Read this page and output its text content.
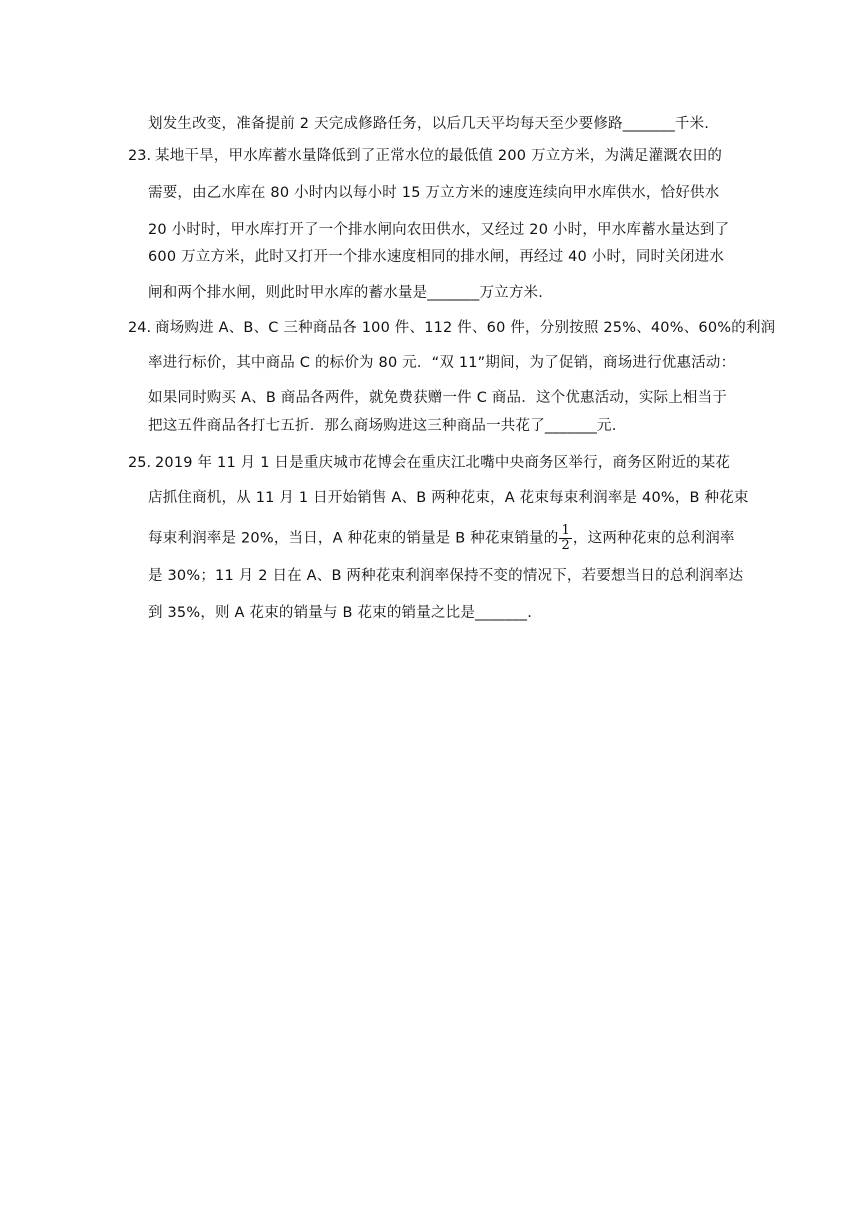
划发生改变，准备提前 2 天完成修路任务，以后几天平均每天至少要修路_______千米.
23. 某地干旱，甲水库蓄水量降低到了正常水位的最低值 200 万立方米，为满足灌溉农田的
需要，由乙水库在 80 小时内以每小时 15 万立方米的速度连续向甲水库供水，恰好供水
20 小时时，甲水库打开了一个排水闸向农田供水，又经过 20 小时，甲水库蓄水量达到了
600 万立方米，此时又打开一个排水速度相同的排水闸，再经过 40 小时，同时关闭进水
闸和两个排水闸，则此时甲水库的蓄水量是_______万立方米.
24. 商场购进 A、B、C 三种商品各 100 件、112 件、60 件，分别按照 25%、40%、60%的利润
率进行标价，其中商品 C 的标价为 80 元．“双 11”期间，为了促销，商场进行优惠活动：
如果同时购买 A、B 商品各两件，就免费获赠一件 C 商品．这个优惠活动，实际上相当于
把这五件商品各打七五折．那么商场购进这三种商品一共花了_______元.
25. 2019 年 11 月 1 日是重庆城市花博会在重庆江北嘴中央商务区举行，商务区附近的某花
店抓住商机，从 11 月 1 日开始销售 A、B 两种花束，A 花束每束利润率是 40%，B 种花束
每束利润率是 20%，当日，A 种花束的销量是 B 种花束销量的 $\frac{1}{2}$ ，这两种花束的总利润率
是 30%；11 月 2 日在 A、B 两种花束利润率保持不变的情况下，若要想当日的总利润率达
到 35%，则 A 花束的销量与 B 花束的销量之比是_______.
